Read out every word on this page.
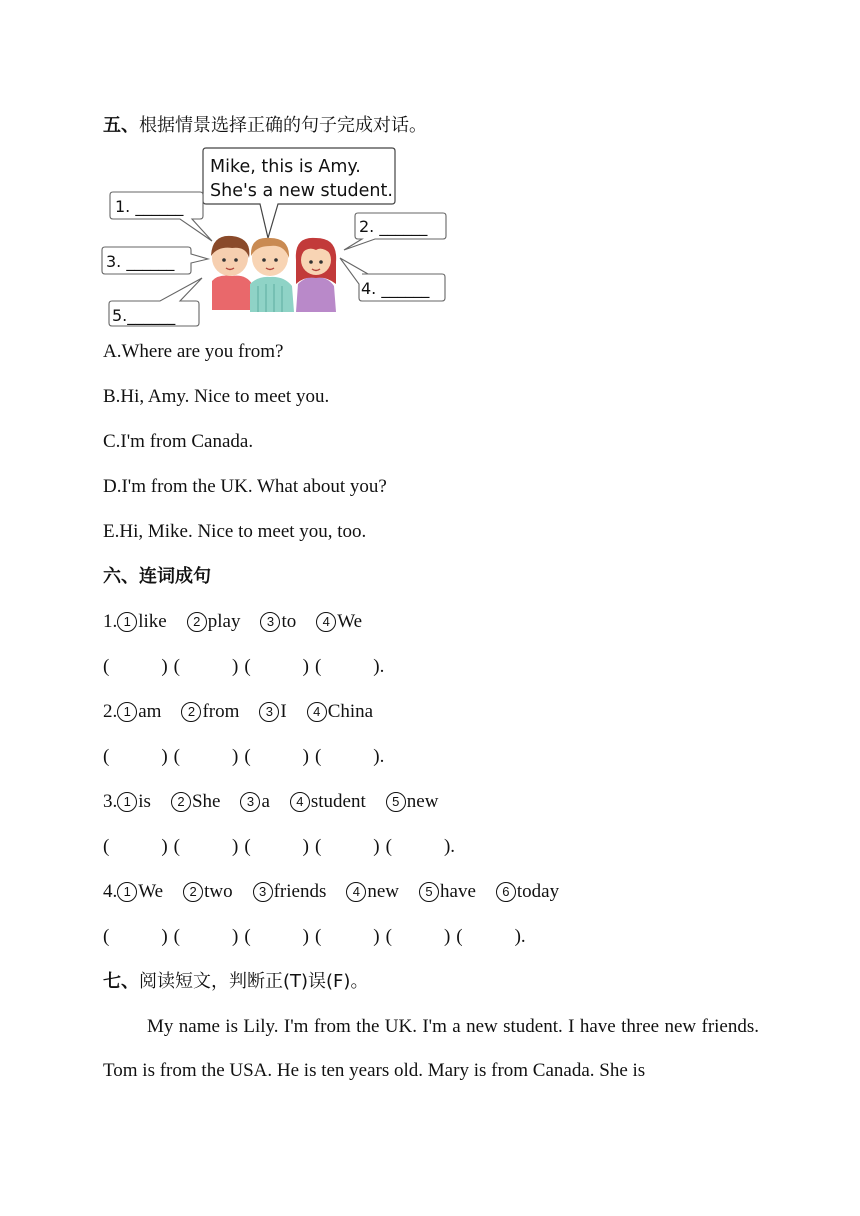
五、根据情景选择正确的句子完成对话。
Mike, this is Amy.
She's a new student.
1. ______
3. ______
5.______
2. ______
4. ______
A.Where are you from?
B.Hi, Amy. Nice to meet you.
C.I'm from Canada.
D.I'm from the UK. What about you?
E.Hi, Mike. Nice to meet you, too.
六、连词成句
1. 1 like 2 play 3 to 4 We
(	) (	) (	) (	).
2. 1 am 2 from 3 I 4 China
(	) (	) (	) (	).
3. 1 is 2 She 3 a 4 student 5 new
(	) (	) (	) (	) (	).
4. 1 We 2 two 3 friends 4 new 5 have 6 today
(	) (	) (	) (	) (	) (	).
七、阅读短文，判断正(T)误(F)。
My name is Lily. I'm from the UK. I'm a new student. I have three new friends. Tom is from the USA. He is ten years old. Mary is from Canada. She is
